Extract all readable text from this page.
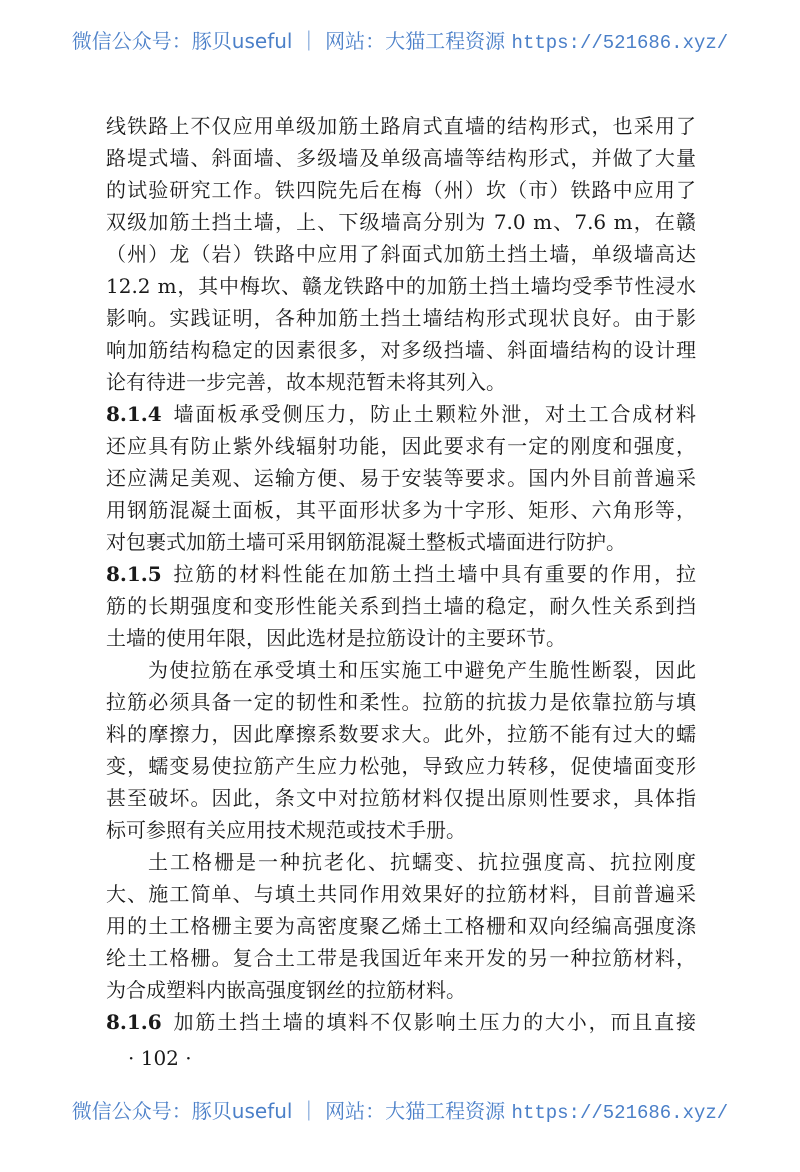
微信公众号：豚贝useful ｜ 网站：大猫工程资源 https://521686.xyz/
线铁路上不仅应用单级加筋土路肩式直墙的结构形式，也采用了
路堤式墙、斜面墙、多级墙及单级高墙等结构形式，并做了大量
的试验研究工作。铁四院先后在梅（州）坎（市）铁路中应用了
双级加筋土挡土墙，上、下级墙高分别为 7.0 m、7.6 m，在赣
（州）龙（岩）铁路中应用了斜面式加筋土挡土墙，单级墙高达
12.2 m，其中梅坎、赣龙铁路中的加筋土挡土墙均受季节性浸水
影响。实践证明，各种加筋土挡土墙结构形式现状良好。由于影
响加筋结构稳定的因素很多，对多级挡墙、斜面墙结构的设计理
论有待进一步完善，故本规范暂未将其列入。
8.1.4 墙面板承受侧压力，防止土颗粒外泄，对土工合成材料
还应具有防止紫外线辐射功能，因此要求有一定的刚度和强度，
还应满足美观、运输方便、易于安装等要求。国内外目前普遍采
用钢筋混凝土面板，其平面形状多为十字形、矩形、六角形等，
对包裹式加筋土墙可采用钢筋混凝土整板式墙面进行防护。
8.1.5 拉筋的材料性能在加筋土挡土墙中具有重要的作用，拉
筋的长期强度和变形性能关系到挡土墙的稳定，耐久性关系到挡
土墙的使用年限，因此选材是拉筋设计的主要环节。
为使拉筋在承受填土和压实施工中避免产生脆性断裂，因此
拉筋必须具备一定的韧性和柔性。拉筋的抗拔力是依靠拉筋与填
料的摩擦力，因此摩擦系数要求大。此外，拉筋不能有过大的蠕
变，蠕变易使拉筋产生应力松弛，导致应力转移，促使墙面变形
甚至破坏。因此，条文中对拉筋材料仅提出原则性要求，具体指
标可参照有关应用技术规范或技术手册。
土工格栅是一种抗老化、抗蠕变、抗拉强度高、抗拉刚度
大、施工简单、与填土共同作用效果好的拉筋材料，目前普遍采
用的土工格栅主要为高密度聚乙烯土工格栅和双向经编高强度涤
纶土工格栅。复合土工带是我国近年来开发的另一种拉筋材料，
为合成塑料内嵌高强度钢丝的拉筋材料。
8.1.6 加筋土挡土墙的填料不仅影响土压力的大小，而且直接
· 102 ·
微信公众号：豚贝useful ｜ 网站：大猫工程资源 https://521686.xyz/
